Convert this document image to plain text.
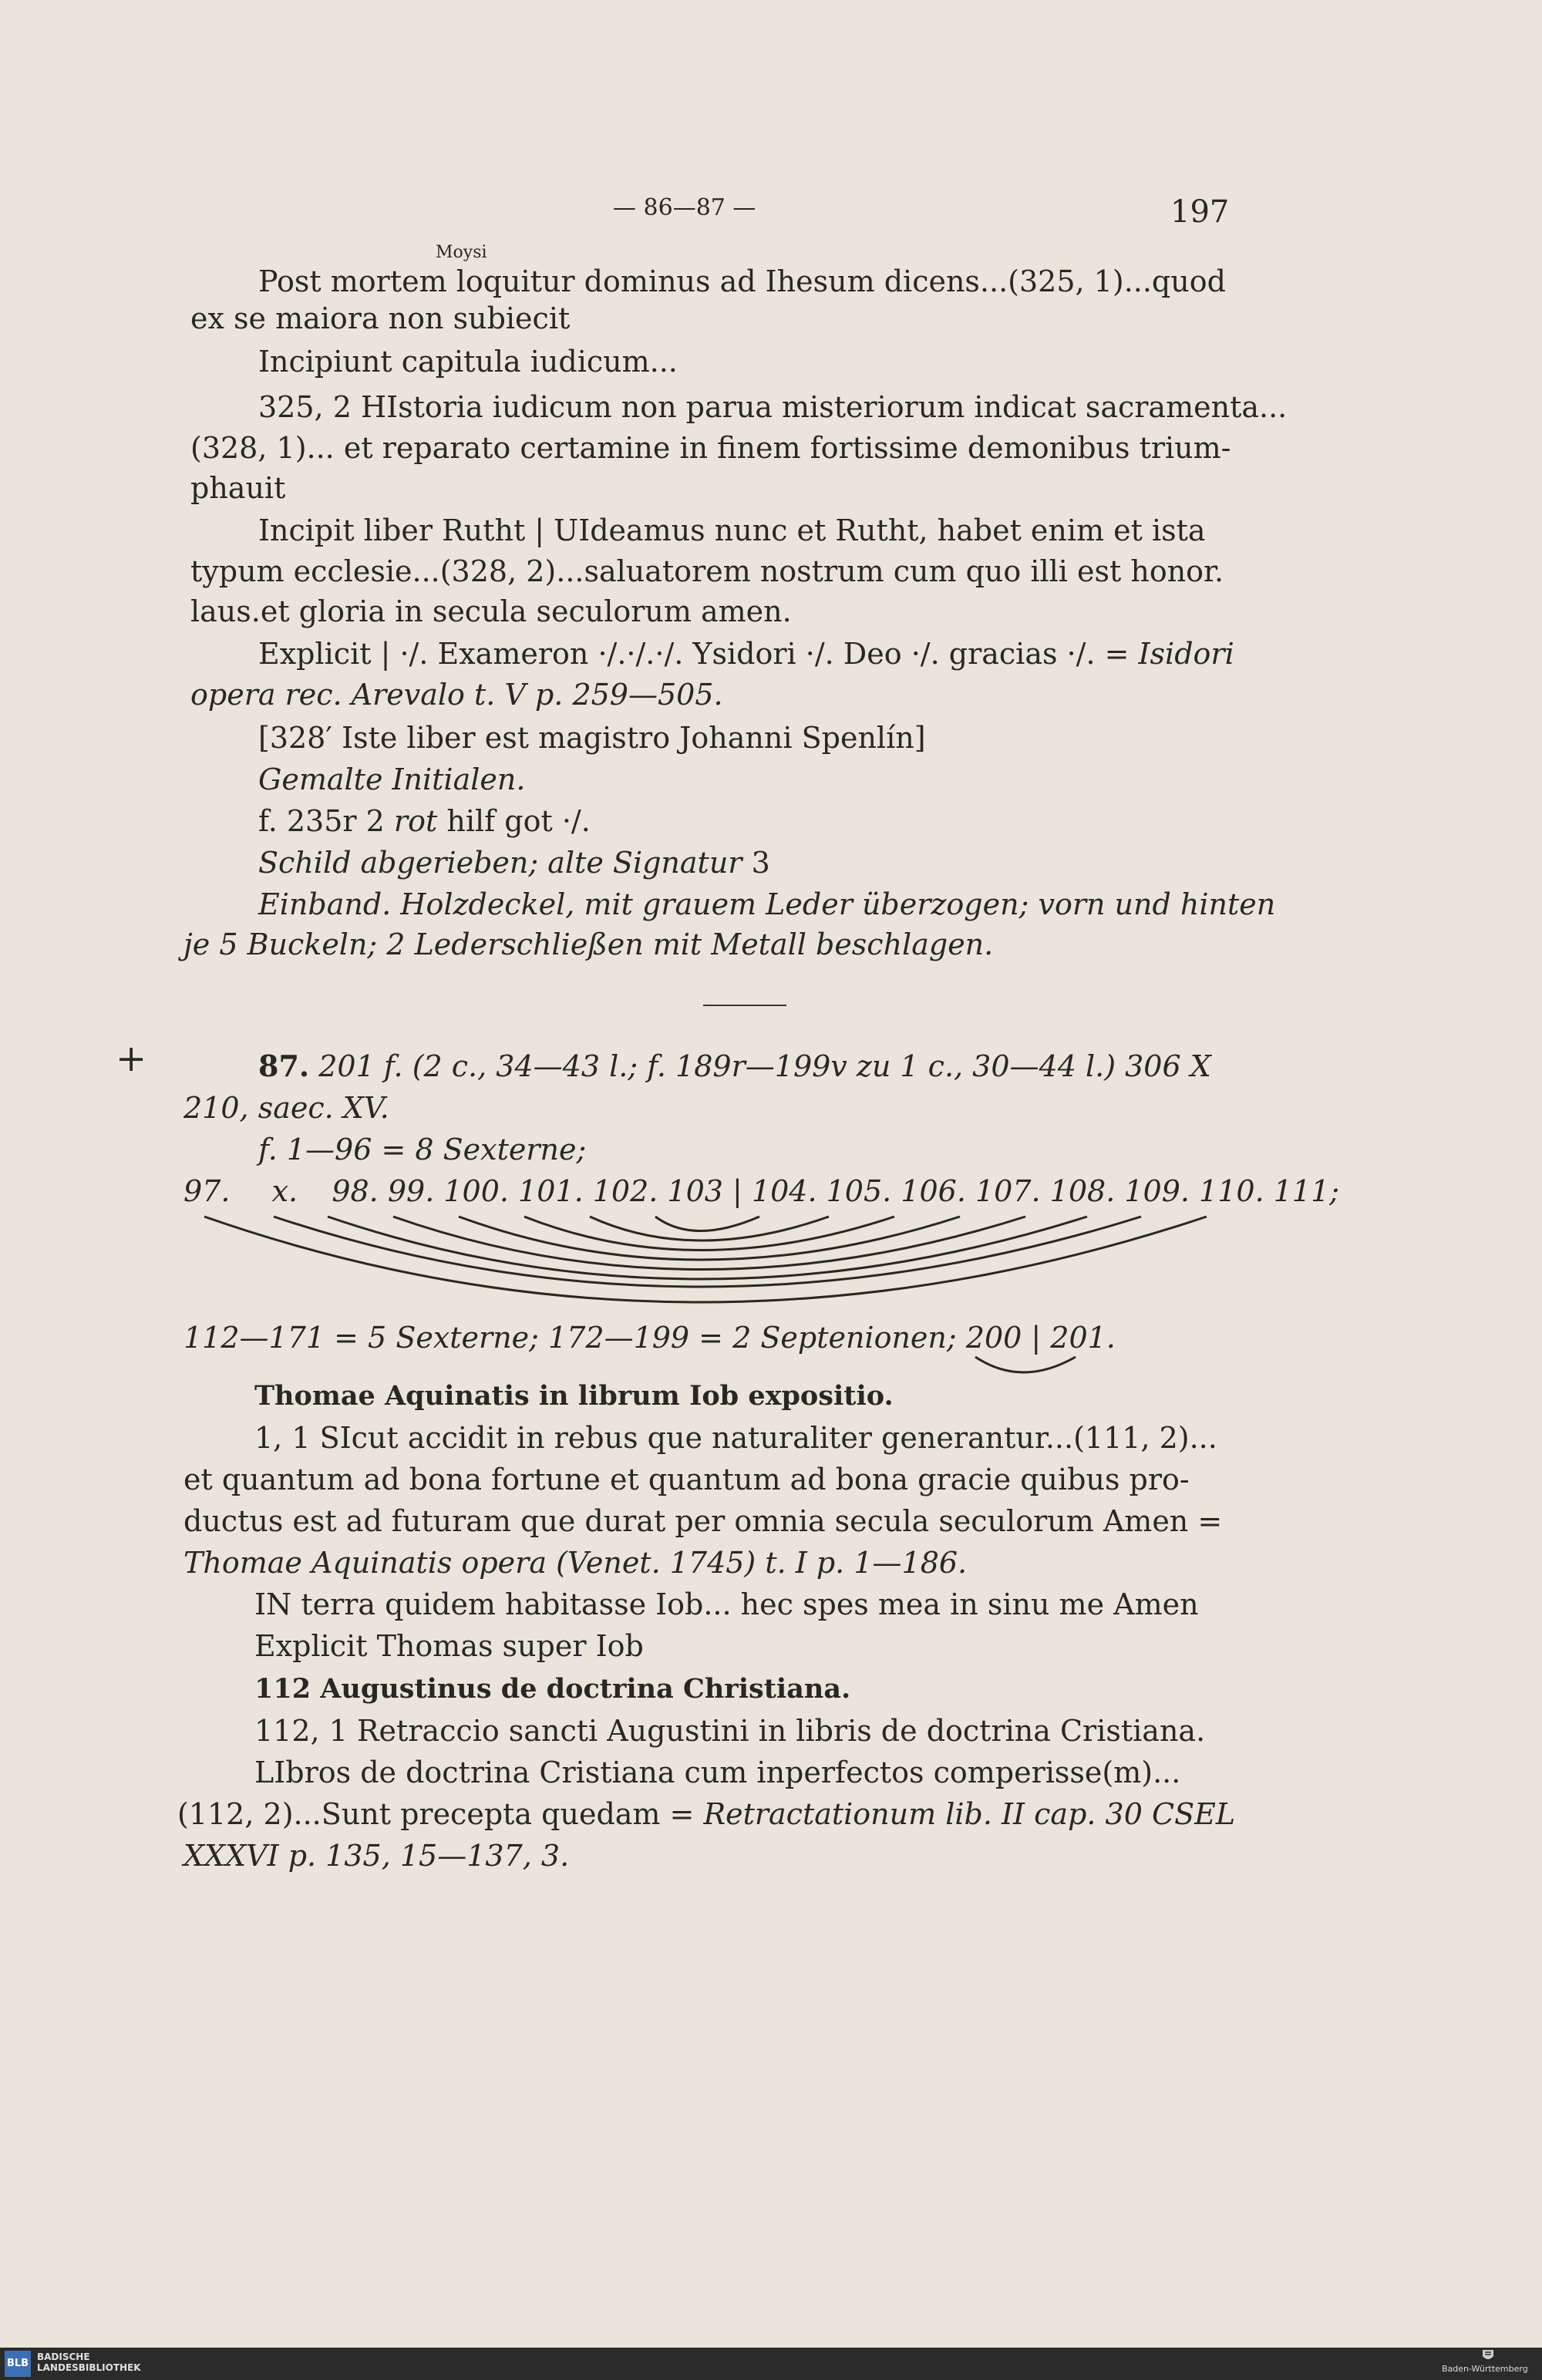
— 86—87 —	197
Moysi
Post mortem loquitur dominus ad Ihesum dicens...(325, 1)...quod
ex se maiora non subiecit
Incipiunt capitula iudicum...
325, 2 HIstoria iudicum non parua misteriorum indicat sacramenta...
(328, 1)... et reparato certamine in finem fortissime demonibus trium-
phauit
Incipit liber Rutht | UIdeamus nunc et Rutht, habet enim et ista
typum ecclesie...(328, 2)...saluatorem nostrum cum quo illi est honor.
laus.et gloria in secula seculorum amen.
Explicit | ·/. Exameron ·/.·/.·/. Ysidori ·/. Deo ·/. gracias ·/. = Isidori
opera rec. Arevalo t. V p. 259—505.
[328′ Iste liber est magistro Johanni Spenlín]
Gemalte Initialen.
f. 235r 2 rot hilf got ·/.
Schild abgerieben; alte Signatur 3
Einband. Holzdeckel, mit grauem Leder überzogen; vorn und hinten
je 5 Buckeln; 2 Lederschließen mit Metall beschlagen.
+	87. 201 f. (2 c., 34—43 l.; f. 189r—199v zu 1 c., 30—44 l.) 306 X
210, saec. XV.
f. 1—96 = 8 Sexterne;
97. x. 98. 99. 100. 101. 102. 103 | 104. 105. 106. 107. 108. 109. 110. 111;
112—171 = 5 Sexterne; 172—199 = 2 Septenionen; 200 | 201.
Thomae Aquinatis in librum Iob expositio.
1, 1 SIcut accidit in rebus que naturaliter generantur...(111, 2)...
et quantum ad bona fortune et quantum ad bona gracie quibus pro-
ductus est ad futuram que durat per omnia secula seculorum Amen =
Thomae Aquinatis opera (Venet. 1745) t. I p. 1—186.
IN terra quidem habitasse Iob... hec spes mea in sinu me Amen
Explicit Thomas super Iob
112 Augustinus de doctrina Christiana.
112, 1 Retraccio sancti Augustini in libris de doctrina Cristiana.
LIbros de doctrina Cristiana cum inperfectos comperisse(m)...
(112, 2)...Sunt precepta quedam = Retractationum lib. II cap. 30 CSEL
XXXVI p. 135, 15—137, 3.
BLB
BADISCHE
LANDESBIBLIOTHEK	Baden-Württemberg
